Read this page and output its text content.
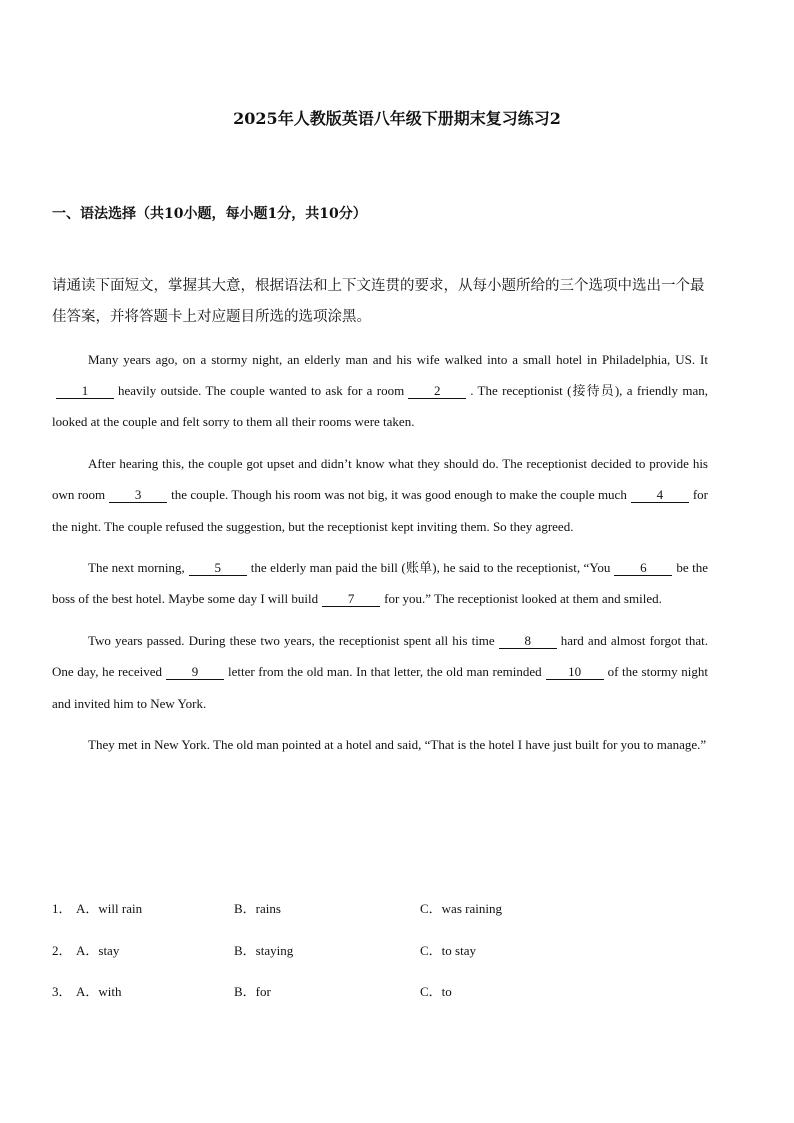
2025年人教版英语八年级下册期末复习练习2
一、语法选择（共10小题，每小题1分，共10分）
请通读下面短文，掌握其大意，根据语法和上下文连贯的要求，从每小题所给的三个选项中选出一个最佳答案，并将答题卡上对应题目所选的选项涂黑。

Many years ago, on a stormy night, an elderly man and his wife walked into a small hotel in Philadelphia, US. It1 heavily outside. The couple wanted to ask for a room 2 . The receptionist (接待员), a friendly man, looked at the couple and felt sorry to them all their rooms were taken.

After hearing this, the couple got upset and didn’t know what they should do. The receptionist decided to provide his own room 3 the couple. Though his room was not big, it was good enough to make the couple much 4 for the night. The couple refused the suggestion, but the receptionist kept inviting them. So they agreed.

The next morning, 5 the elderly man paid the bill (账单), he said to the receptionist, “You 6 be the boss of the best hotel. Maybe some day I will build 7 for you.” The receptionist looked at them and smiled.

Two years passed. During these two years, the receptionist spent all his time 8 hard and almost forgot that. One day, he received 9 letter from the old man. In that letter, the old man reminded 10 of the stormy night and invited him to New York.

They met in New York. The old man pointed at a hotel and said, “That is the hotel I have just built for you to manage.”

1． A．will rain	B．rains	C．was raining
2． A．stay	B．staying	C．to stay
3． A．with	B．for	C．to
